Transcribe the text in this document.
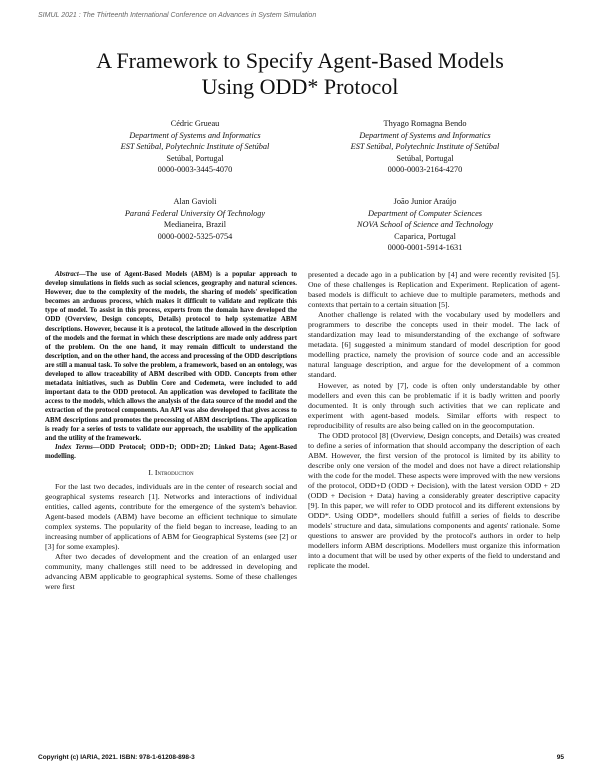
SIMUL 2021 : The Thirteenth International Conference on Advances in System Simulation
A Framework to Specify Agent-Based Models
Using ODD* Protocol
Cédric Grueau
Department of Systems and Informatics
EST Setúbal, Polytechnic Institute of Setúbal
Setúbal, Portugal
0000-0003-3445-4070
Thyago Romagna Bendo
Department of Systems and Informatics
EST Setúbal, Polytechnic Institute of Setúbal
Setúbal, Portugal
0000-0003-2164-4270
Alan Gavioli
Paraná Federal University Of Technology
Medianeira, Brazil
0000-0002-5325-0754
João Junior Araújo
Department of Computer Sciences
NOVA School of Science and Technology
Caparica, Portugal
0000-0001-5914-1631

Abstract—The use of Agent-Based Models (ABM) is a popular approach to develop simulations in fields such as social sciences, geography and natural sciences. However, due to the complexity of the models, the sharing of models' specification becomes an arduous process, which makes it difficult to validate and replicate this type of model. To assist in this process, experts from the domain have developed the ODD (Overview, Design concepts, Details) protocol to help systematize ABM descriptions. However, because it is a protocol, the latitude allowed in the description of the models and the format in which these descriptions are made only address part of the problem. On the one hand, it may remain difficult to understand the description, and on the other hand, the access and processing of the ODD descriptions are still a manual task. To solve the problem, a framework, based on an ontology, was developed to allow traceability of ABM described with ODD. Concepts from other metadata initiatives, such as Dublin Core and Codemeta, were included to add important data to the ODD protocol. An application was developed to facilitate the access to the models, which allows the analysis of the data source of the model and the extraction of the protocol components. An API was also developed that gives access to ABM descriptions and promotes the processing of ABM descriptions. The application is ready for a series of tests to validate our approach, the usability of the application and the utility of the framework.

Index Terms—ODD Protocol; ODD+D; ODD+2D; Linked Data; Agent-Based modelling.

I. Introduction

For the last two decades, individuals are in the center of research social and geographical systems research [1]. Networks and interactions of individual entities, called agents, contribute for the emergence of the system's behavior. Agent-based models (ABM) have become an efficient technique to simulate complex systems. The popularity of the field began to increase, leading to an increasing number of applications of ABM for Geographical Systems (see [2] or [3] for some examples).

After two decades of development and the creation of an enlarged user community, many challenges still need to be addressed in developing and advancing ABM applicable to geographical systems. Some of these challenges were first

presented a decade ago in a publication by [4] and were recently revisited [5]. One of these challenges is Replication and Experiment. Replication of agent-based models is difficult to achieve due to multiple parameters, methods and contexts that pertain to a certain situation [5].

Another challenge is related with the vocabulary used by modellers and programmers to describe the concepts used in their model. The lack of standardization may lead to misunderstanding of the exchange of software metadata. [6] suggested a minimum standard of model description for good modelling practice, namely the provision of source code and an accessible natural language description, and argue for the development of a common standard.

However, as noted by [7], code is often only understandable by other modellers and even this can be problematic if it is badly written and poorly documented. It is only through such activities that we can replicate and experiment with agent-based models. Similar efforts with respect to reproducibility of results are also being called on in the geocomputation.

The ODD protocol [8] (Overview, Design concepts, and Details) was created to define a series of information that should accompany the description of each ABM. However, the first version of the protocol is limited by its ability to describe only one version of the model and does not have a direct relationship with the code for the model. These aspects were improved with the new versions of the protocol, ODD+D (ODD + Decision), with the latest version ODD + 2D (ODD + Decision + Data) having a considerably greater descriptive capacity [9]. In this paper, we will refer to ODD protocol and its different extensions by ODD*. Using ODD*, modellers should fulfill a series of fields to describe models' structure and data, simulations components and agents' rationale. Some questions to answer are provided by the protocol's authors in order to help modellers inform ABM descriptions. Modellers must organize this information into a document that will be used by other experts of the field to understand and replicate the model.

Copyright (c) IARIA, 2021. ISBN: 978-1-61208-898-3	95
